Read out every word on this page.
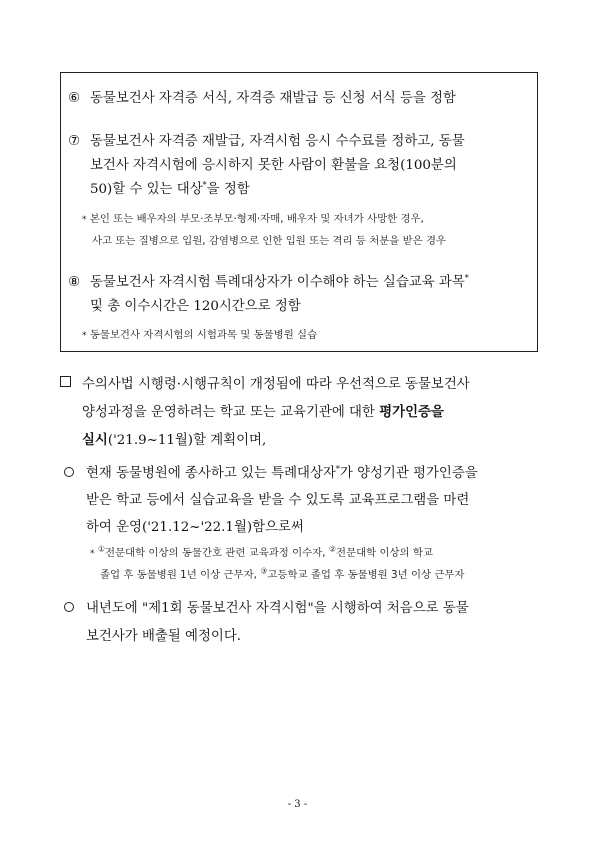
⑥ 동물보건사 자격증 서식, 자격증 재발급 등 신청 서식 등을 정함
⑦ 동물보건사 자격증 재발급, 자격시험 응시 수수료를 정하고, 동물
보건사 자격시험에 응시하지 못한 사람이 환불을 요청(100분의
50)할 수 있는 대상*을 정함
* 본인 또는 배우자의 부모·조부모·형제·자매, 배우자 및 자녀가 사망한 경우,
사고 또는 질병으로 입원, 감염병으로 인한 입원 또는 격리 등 처분을 받은 경우
⑧ 동물보건사 자격시험 특례대상자가 이수해야 하는 실습교육 과목*
및 총 이수시간은 120시간으로 정함
* 동물보건사 자격시험의 시험과목 및 동물병원 실습
수의사법 시행령·시행규칙이 개정됨에 따라 우선적으로 동물보건사
양성과정을 운영하려는 학교 또는 교육기관에 대한 평가인증을
실시('21.9~11월)할 계획이며,
현재 동물병원에 종사하고 있는 특례대상자*가 양성기관 평가인증을
받은 학교 등에서 실습교육을 받을 수 있도록 교육프로그램을 마련
하여 운영('21.12~'22.1월)함으로써
* ①전문대학 이상의 동물간호 관련 교육과정 이수자, ②전문대학 이상의 학교
졸업 후 동물병원 1년 이상 근무자, ③고등학교 졸업 후 동물병원 3년 이상 근무자
내년도에 "제1회 동물보건사 자격시험"을 시행하여 처음으로 동물
보건사가 배출될 예정이다.
- 3 -
